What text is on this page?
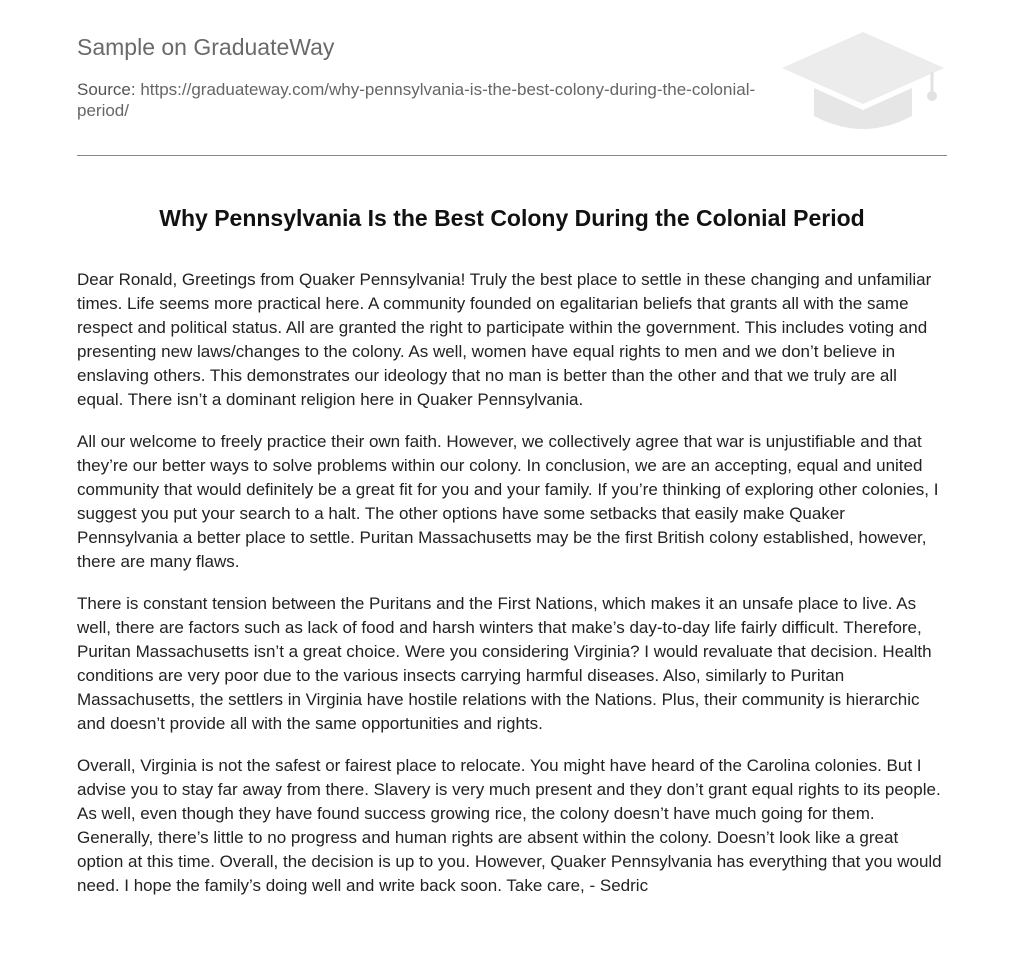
Sample on GraduateWay
Source: https://graduateway.com/why-pennsylvania-is-the-best-colony-during-the-colonial-period/
Why Pennsylvania Is the Best Colony During the Colonial Period

Dear Ronald, Greetings from Quaker Pennsylvania! Truly the best place to settle in these changing and unfamiliar times. Life seems more practical here. A community founded on egalitarian beliefs that grants all with the same respect and political status. All are granted the right to participate within the government. This includes voting and presenting new laws/changes to the colony. As well, women have equal rights to men and we don’t believe in enslaving others. This demonstrates our ideology that no man is better than the other and that we truly are all equal. There isn’t a dominant religion here in Quaker Pennsylvania.

All our welcome to freely practice their own faith. However, we collectively agree that war is unjustifiable and that they’re our better ways to solve problems within our colony. In conclusion, we are an accepting, equal and united community that would definitely be a great fit for you and your family. If you’re thinking of exploring other colonies, I suggest you put your search to a halt. The other options have some setbacks that easily make Quaker Pennsylvania a better place to settle. Puritan Massachusetts may be the first British colony established, however, there are many flaws.

There is constant tension between the Puritans and the First Nations, which makes it an unsafe place to live. As well, there are factors such as lack of food and harsh winters that make’s day-to-day life fairly difficult. Therefore, Puritan Massachusetts isn’t a great choice. Were you considering Virginia? I would revaluate that decision. Health conditions are very poor due to the various insects carrying harmful diseases. Also, similarly to Puritan Massachusetts, the settlers in Virginia have hostile relations with the Nations. Plus, their community is hierarchic and doesn’t provide all with the same opportunities and rights.

Overall, Virginia is not the safest or fairest place to relocate. You might have heard of the Carolina colonies. But I advise you to stay far away from there. Slavery is very much present and they don’t grant equal rights to its people. As well, even though they have found success growing rice, the colony doesn’t have much going for them. Generally, there’s little to no progress and human rights are absent within the colony. Doesn’t look like a great option at this time. Overall, the decision is up to you. However, Quaker Pennsylvania has everything that you would need. I hope the family’s doing well and write back soon. Take care, - Sedric
